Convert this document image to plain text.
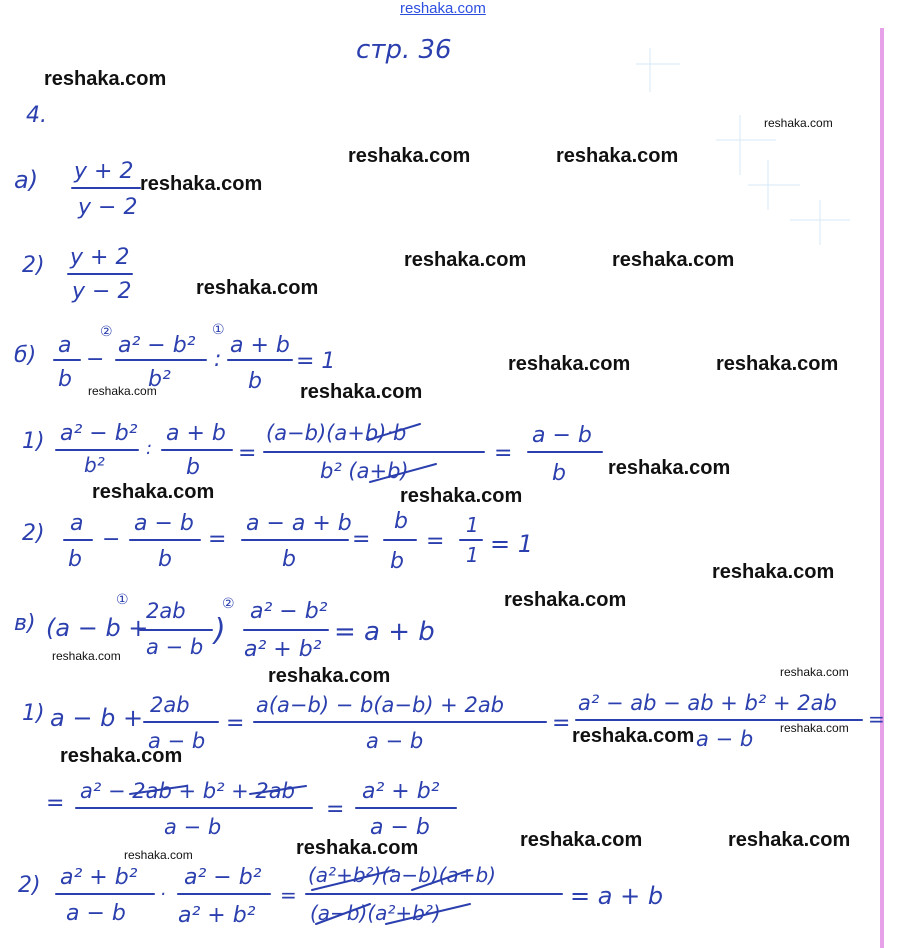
стр. 36
4.
а) y + 2
y − 2
2) y + 2
y − 2
б) a
b
−
②
a² − b²
b²
:
①
a + b
b
= 1
1) a² − b²
b²
:
a + b
b
=
(a−b)(a+b)·b
b² (a+b)
=
a − b
b
2) a
b
−
a − b
b
=
a − a + b
b
=
b
b
=
1
1 = 1
в) (a − b +
① 2ab
a − b )
② a² − b²
a² + b²
= a + b
1) a − b + 2ab
a − b
=
a(a−b) − b(a−b) + 2ab
a − b
=
a² − ab − ab + b² + 2ab
a − b
=
= a² − 2ab + b² + 2ab
a − b
=
a² + b²
a − b
2) a² + b²
a − b
·
a² − b²
a² + b²
=
(a²+b²)(a−b)(a+b)
(a−b)(a²+b²)
= a + b
reshaka.com
reshaka.com
reshaka.com
reshaka.com	reshaka.com
reshaka.com
reshaka.com	reshaka.com
reshaka.com
reshaka.com	reshaka.com
reshaka.com	reshaka.com
reshaka.com
reshaka.com	reshaka.com
reshaka.com
reshaka.com
reshaka.com
reshaka.com
reshaka.com
reshaka.com
reshaka.com
reshaka.com
reshaka.com	reshaka.com
reshaka.com
reshaka.com
